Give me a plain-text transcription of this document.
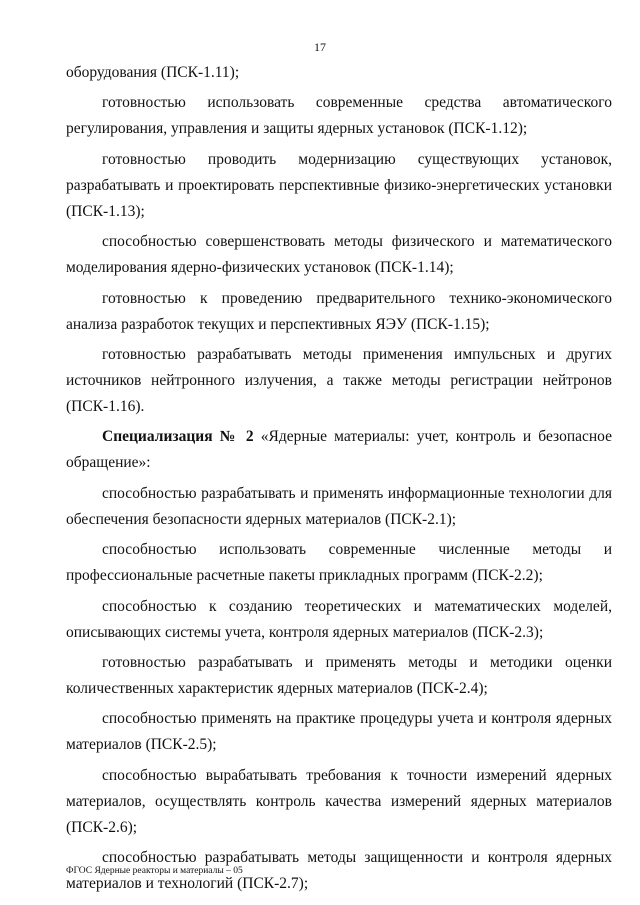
17

оборудования (ПСК-1.11);

готовностью использовать современные средства автоматического регулирования, управления и защиты ядерных установок (ПСК-1.12);

готовностью проводить модернизацию существующих установок, разрабатывать и проектировать перспективные физико-энергетических установки (ПСК-1.13);

способностью совершенствовать методы физического и математического моделирования ядерно-физических установок (ПСК-1.14);

готовностью к проведению предварительного технико-экономического анализа разработок текущих и перспективных ЯЭУ (ПСК-1.15);

готовностью разрабатывать методы применения импульсных и других источников нейтронного излучения, а также методы регистрации нейтронов (ПСК-1.16).

Специализация № 2 «Ядерные материалы: учет, контроль и безопасное обращение»:

способностью разрабатывать и применять информационные технологии для обеспечения безопасности ядерных материалов (ПСК-2.1);

способностью использовать современные численные методы и профессиональные расчетные пакеты прикладных программ (ПСК-2.2);

способностью к созданию теоретических и математических моделей, описывающих системы учета, контроля ядерных материалов (ПСК-2.3);

готовностью разрабатывать и применять методы и методики оценки количественных характеристик ядерных материалов (ПСК-2.4);

способностью применять на практике процедуры учета и контроля ядерных материалов (ПСК-2.5);

способностью вырабатывать требования к точности измерений ядерных материалов, осуществлять контроль качества измерений ядерных материалов (ПСК-2.6);

способностью разрабатывать методы защищенности и контроля ядерных материалов и технологий (ПСК-2.7);

ФГОС Ядерные реакторы и материалы – 05
